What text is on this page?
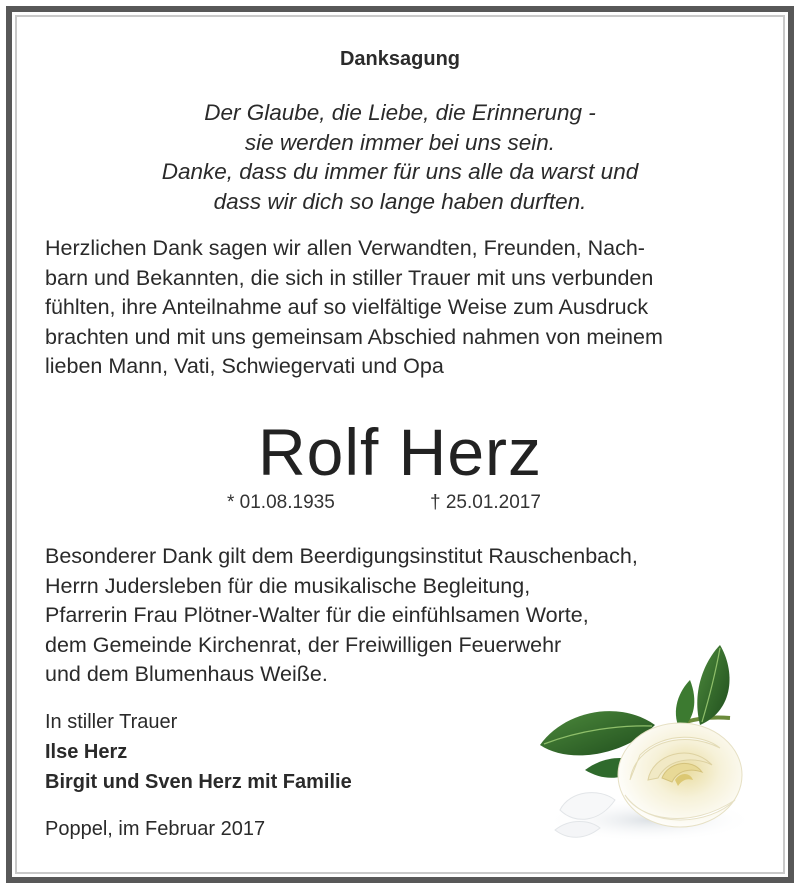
Danksagung
Der Glaube, die Liebe, die Erinnerung -
sie werden immer bei uns sein.
Danke, dass du immer für uns alle da warst und
dass wir dich so lange haben durften.
Herzlichen Dank sagen wir allen Verwandten, Freunden, Nach-
barn und Bekannten, die sich in stiller Trauer mit uns verbunden
fühlten, ihre Anteilnahme auf so vielfältige Weise zum Ausdruck
brachten und mit uns gemeinsam Abschied nahmen von meinem
lieben Mann, Vati, Schwiegervati und Opa
Rolf Herz
* 01.08.1935	† 25.01.2017
Besonderer Dank gilt dem Beerdigungsinstitut Rauschenbach,
Herrn Judersleben für die musikalische Begleitung,
Pfarrerin Frau Plötner-Walter für die einfühlsamen Worte,
dem Gemeinde Kirchenrat, der Freiwilligen Feuerwehr
und dem Blumenhaus Weiße.
In stiller Trauer
Ilse Herz
Birgit und Sven Herz mit Familie
Poppel, im Februar 2017
